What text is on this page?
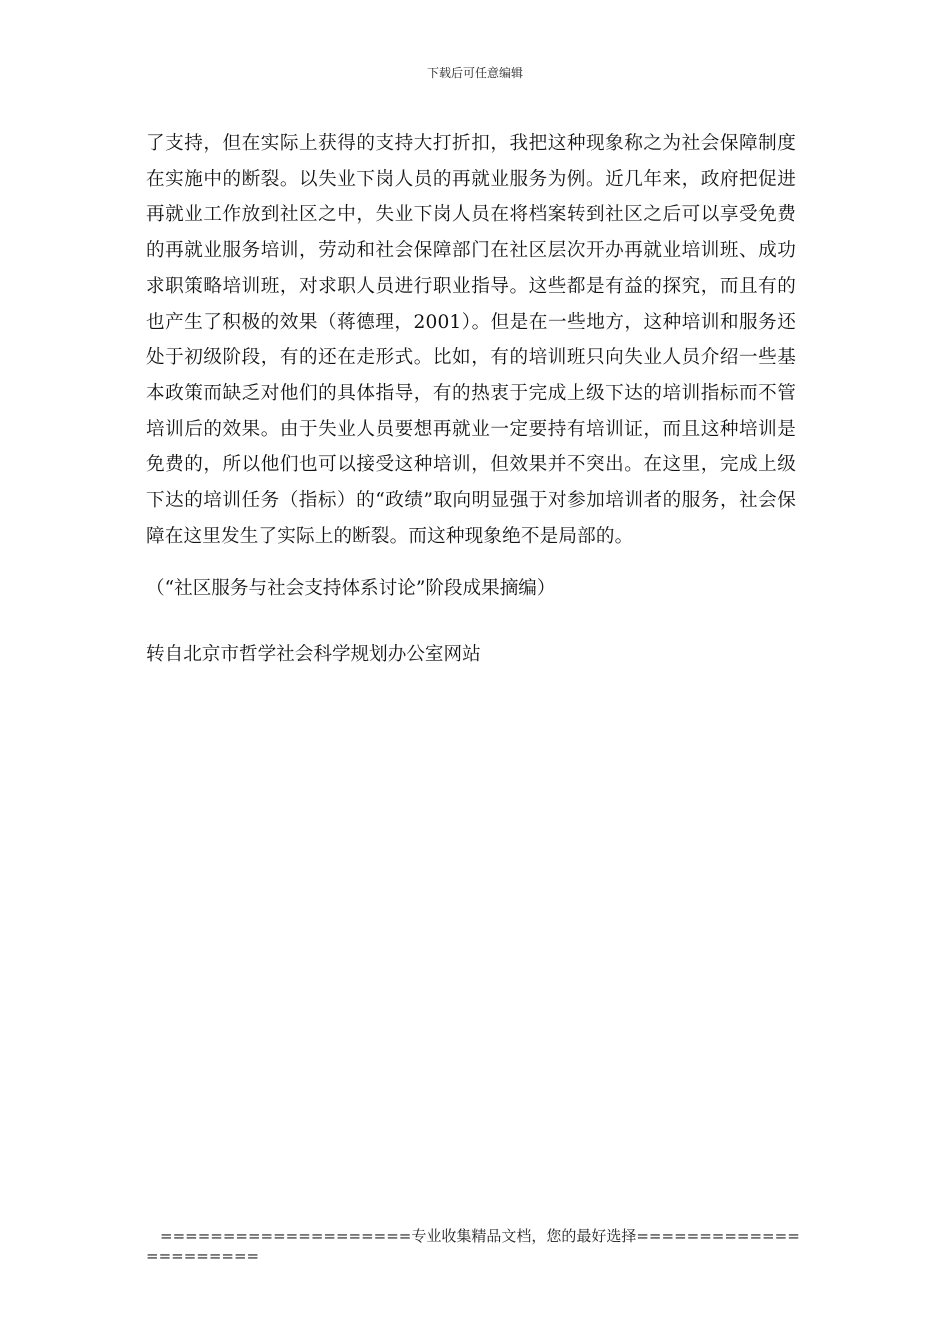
下载后可任意编辑

了支持，但在实际上获得的支持大打折扣，我把这种现象称之为社会保障制度在实施中的断裂。以失业下岗人员的再就业服务为例。近几年来，政府把促进再就业工作放到社区之中，失业下岗人员在将档案转到社区之后可以享受免费的再就业服务培训，劳动和社会保障部门在社区层次开办再就业培训班、成功求职策略培训班，对求职人员进行职业指导。这些都是有益的探究，而且有的也产生了积极的效果（蒋德理，2001）。但是在一些地方，这种培训和服务还处于初级阶段，有的还在走形式。比如，有的培训班只向失业人员介绍一些基本政策而缺乏对他们的具体指导，有的热衷于完成上级下达的培训指标而不管培训后的效果。由于失业人员要想再就业一定要持有培训证，而且这种培训是免费的，所以他们也可以接受这种培训，但效果并不突出。在这里，完成上级下达的培训任务（指标）的“政绩”取向明显强于对参加培训者的服务，社会保障在这里发生了实际上的断裂。而这种现象绝不是局部的。

（“社区服务与社会支持体系讨论”阶段成果摘编）

转自北京市哲学社会科学规划办公室网站

====================专业收集精品文档，您的最好选择======================
